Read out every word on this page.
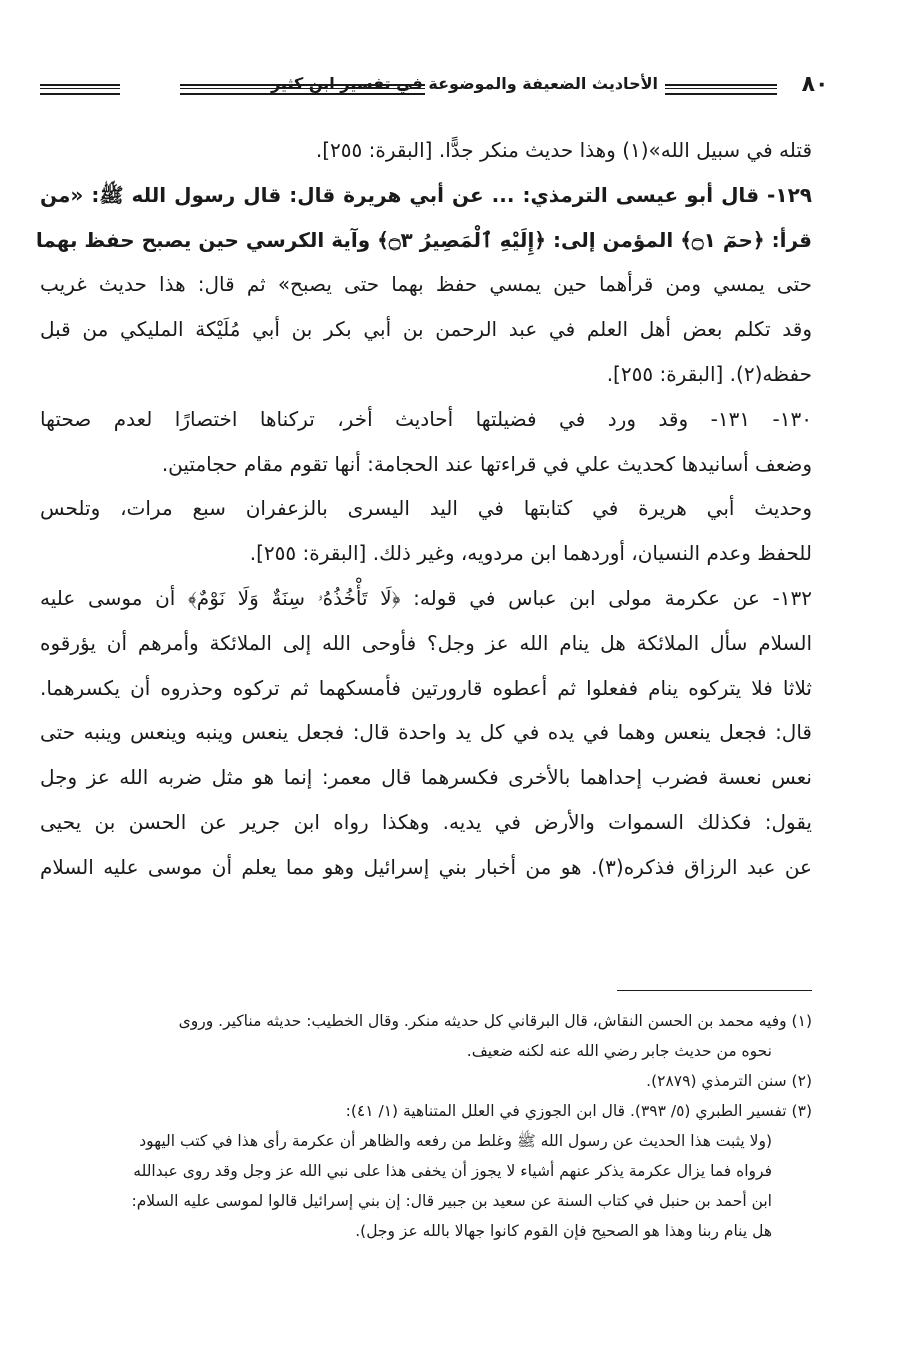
٨٠
الأحاديث الضعيفة والموضوعة في تفسير ابن كثير
قتله في سبيل الله»(١) وهذا حديث منكر جدًّا. [البقرة: ٢٥٥].
١٢٩- قال أبو عيسى الترمذي: ... عن أبي هريرة قال: قال رسول الله ﷺ: «من
قرأ: ﴿حمٓ ۝١﴾ المؤمن إلى: ﴿إِلَيْهِ ٱلْمَصِيرُ ۝٣﴾ وآية الكرسي حين يصبح حفظ بهما
حتى يمسي ومن قرأهما حين يمسي حفظ بهما حتى يصبح» ثم قال: هذا حديث غريب
وقد تكلم بعض أهل العلم في عبد الرحمن بن أبي بكر بن أبي مُلَيْكة المليكي من قبل
حفظه(٢). [البقرة: ٢٥٥].
١٣٠- ١٣١- وقد ورد في فضيلتها أحاديث أخر، تركناها اختصارًا لعدم صحتها
وضعف أسانيدها كحديث علي في قراءتها عند الحجامة: أنها تقوم مقام حجامتين.
وحديث أبي هريرة في كتابتها في اليد اليسرى بالزعفران سبع مرات، وتلحس
للحفظ وعدم النسيان، أوردهما ابن مردويه، وغير ذلك. [البقرة: ٢٥٥].
١٣٢- عن عكرمة مولى ابن عباس في قوله: ﴿لَا تَأْخُذُهُۥ سِنَةٌ وَلَا نَوْمٌ﴾ أن موسى عليه
السلام سأل الملائكة هل ينام الله عز وجل؟ فأوحى الله إلى الملائكة وأمرهم أن يؤرقوه
ثلاثا فلا يتركوه ينام ففعلوا ثم أعطوه قارورتين فأمسكهما ثم تركوه وحذروه أن يكسرهما.
قال: فجعل ينعس وهما في يده في كل يد واحدة قال: فجعل ينعس وينبه وينعس وينبه حتى
نعس نعسة فضرب إحداهما بالأخرى فكسرهما قال معمر: إنما هو مثل ضربه الله عز وجل
يقول: فكذلك السموات والأرض في يديه. وهكذا رواه ابن جرير عن الحسن بن يحيى
عن عبد الرزاق فذكره(٣). هو من أخبار بني إسرائيل وهو مما يعلم أن موسى عليه السلام

(١) وفيه محمد بن الحسن النقاش، قال البرقاني كل حديثه منكر. وقال الخطيب: حديثه مناكير. وروى

نحوه من حديث جابر رضي الله عنه لكنه ضعيف.

(٢) سنن الترمذي (٢٨٧٩).

(٣) تفسير الطبري (٥/ ٣٩٣). قال ابن الجوزي في العلل المتناهية (١/ ٤١):

(ولا يثبت هذا الحديث عن رسول الله ﷺ وغلط من رفعه والظاهر أن عكرمة رأى هذا في كتب اليهود

فرواه فما يزال عكرمة يذكر عنهم أشياء لا يجوز أن يخفى هذا على نبي الله عز وجل وقد روى عبدالله

ابن أحمد بن حنبل في كتاب السنة عن سعيد بن جبير قال: إن بني إسرائيل قالوا لموسى عليه السلام:

هل ينام ربنا وهذا هو الصحيح فإن القوم كانوا جهالا بالله عز وجل).
